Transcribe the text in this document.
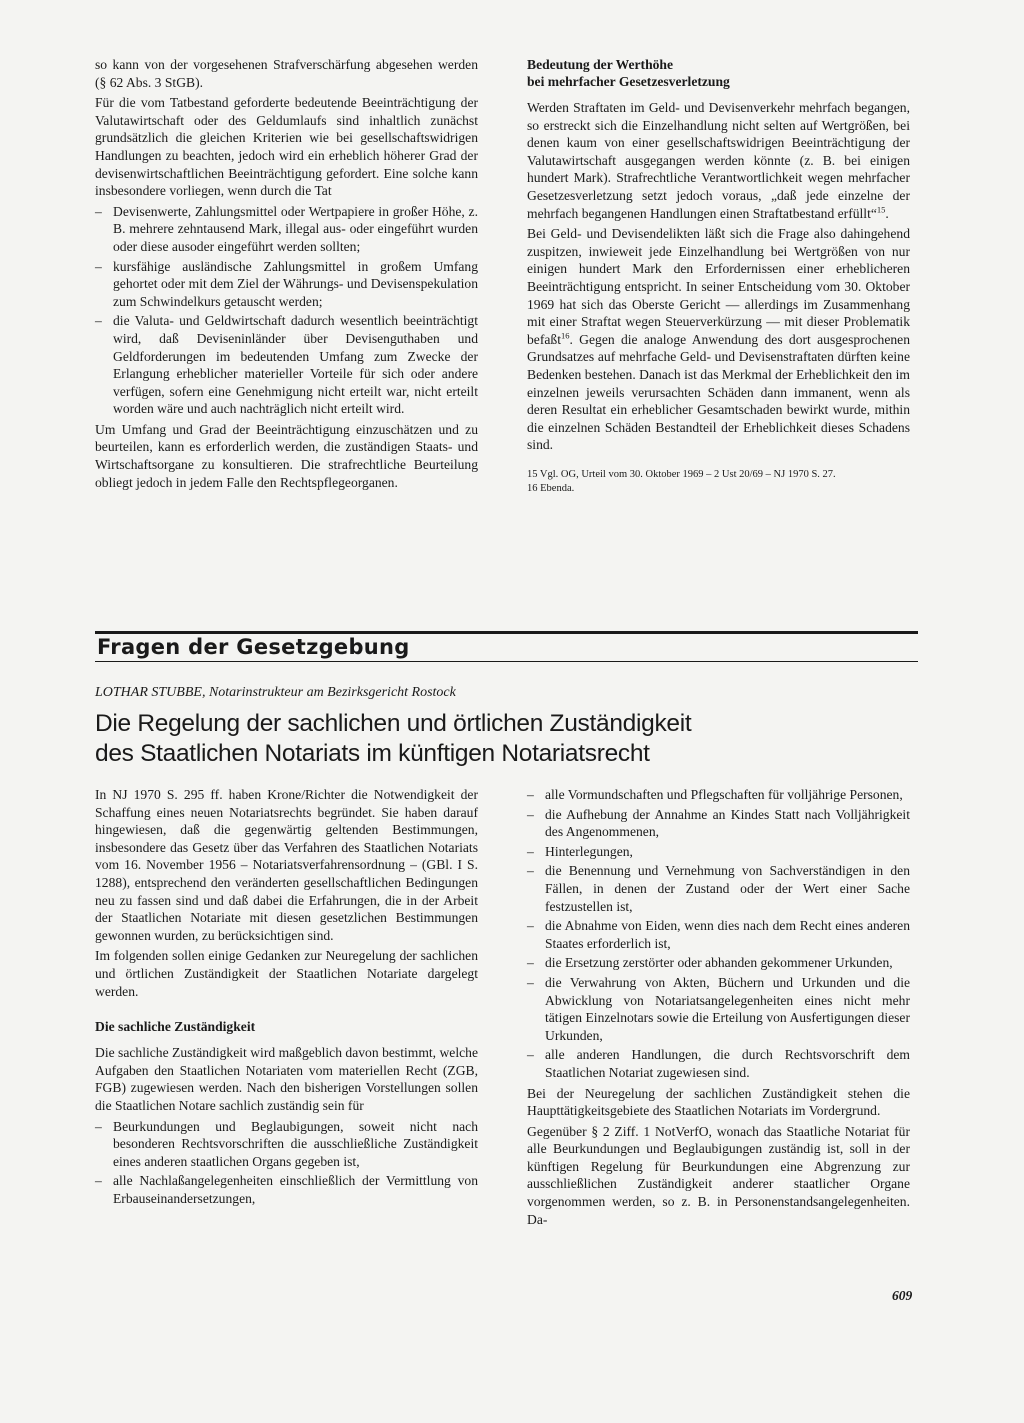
so kann von der vorgesehenen Strafverschärfung abgesehen werden (§ 62 Abs. 3 StGB).

Für die vom Tatbestand geforderte bedeutende Beeinträchtigung der Valutawirtschaft oder des Geldumlaufs sind inhaltlich zunächst grundsätzlich die gleichen Kriterien wie bei gesellschaftswidrigen Handlungen zu beachten, jedoch wird ein erheblich höherer Grad der devisenwirtschaftlichen Beeinträchtigung gefordert. Eine solche kann insbesondere vorliegen, wenn durch die Tat

– Devisenwerte, Zahlungsmittel oder Wertpapiere in großer Höhe, z. B. mehrere zehntausend Mark, illegal aus- oder eingeführt wurden oder diese ausoder eingeführt werden sollten;
– kursfähige ausländische Zahlungsmittel in großem Umfang gehortet oder mit dem Ziel der Währungs- und Devisenspekulation zum Schwindelkurs getauscht werden;
– die Valuta- und Geldwirtschaft dadurch wesentlich beeinträchtigt wird, daß Deviseninländer über Devisenguthaben und Geldforderungen im bedeutenden Umfang zum Zwecke der Erlangung erheblicher materieller Vorteile für sich oder andere verfügen, sofern eine Genehmigung nicht erteilt war, nicht erteilt worden wäre und auch nachträglich nicht erteilt wird.

Um Umfang und Grad der Beeinträchtigung einzuschätzen und zu beurteilen, kann es erforderlich werden, die zuständigen Staats- und Wirtschaftsorgane zu konsultieren. Die strafrechtliche Beurteilung obliegt jedoch in jedem Falle den Rechtspflegeorganen.

Bedeutung der Werthöhe
bei mehrfacher Gesetzesverletzung

Werden Straftaten im Geld- und Devisenverkehr mehrfach begangen, so erstreckt sich die Einzelhandlung nicht selten auf Wertgrößen, bei denen kaum von einer gesellschaftswidrigen Beeinträchtigung der Valutawirtschaft ausgegangen werden könnte (z. B. bei einigen hundert Mark). Strafrechtliche Verantwortlichkeit wegen mehrfacher Gesetzesverletzung setzt jedoch voraus, „daß jede einzelne der mehrfach begangenen Handlungen einen Straftatbestand erfüllt“$^{15}$.

Bei Geld- und Devisendelikten läßt sich die Frage also dahingehend zuspitzen, inwieweit jede Einzelhandlung bei Wertgrößen von nur einigen hundert Mark den Erfordernissen einer erheblicheren Beeinträchtigung entspricht. In seiner Entscheidung vom 30. Oktober 1969 hat sich das Oberste Gericht — allerdings im Zusammenhang mit einer Straftat wegen Steuerverkürzung — mit dieser Problematik befaßt$^{16}$. Gegen die analoge Anwendung des dort ausgesprochenen Grundsatzes auf mehrfache Geld- und Devisenstraftaten dürften keine Bedenken bestehen. Danach ist das Merkmal der Erheblichkeit den im einzelnen jeweils verursachten Schäden dann immanent, wenn als deren Resultat ein erheblicher Gesamtschaden bewirkt wurde, mithin die einzelnen Schäden Bestandteil der Erheblichkeit dieses Schadens sind.

15 Vgl. OG, Urteil vom 30. Oktober 1969 – 2 Ust 20/69 – NJ 1970 S. 27.
16 Ebenda.
Fragen der Gesetzgebung
LOTHAR STUBBE, Notarinstrukteur am Bezirksgericht Rostock
Die Regelung der sachlichen und örtlichen Zuständigkeit
des Staatlichen Notariats im künftigen Notariatsrecht

In NJ 1970 S. 295 ff. haben Krone/Richter die Notwendigkeit der Schaffung eines neuen Notariatsrechts begründet. Sie haben darauf hingewiesen, daß die gegenwärtig geltenden Bestimmungen, insbesondere das Gesetz über das Verfahren des Staatlichen Notariats vom 16. November 1956 – Notariatsverfahrensordnung – (GBl. I S. 1288), entsprechend den veränderten gesellschaftlichen Bedingungen neu zu fassen sind und daß dabei die Erfahrungen, die in der Arbeit der Staatlichen Notariate mit diesen gesetzlichen Bestimmungen gewonnen wurden, zu berücksichtigen sind.

Im folgenden sollen einige Gedanken zur Neuregelung der sachlichen und örtlichen Zuständigkeit der Staatlichen Notariate dargelegt werden.

Die sachliche Zuständigkeit

Die sachliche Zuständigkeit wird maßgeblich davon bestimmt, welche Aufgaben den Staatlichen Notariaten vom materiellen Recht (ZGB, FGB) zugewiesen werden. Nach den bisherigen Vorstellungen sollen die Staatlichen Notare sachlich zuständig sein für

– Beurkundungen und Beglaubigungen, soweit nicht nach besonderen Rechtsvorschriften die ausschließliche Zuständigkeit eines anderen staatlichen Organs gegeben ist,
– alle Nachlaßangelegenheiten einschließlich der Vermittlung von Erbauseinandersetzungen,
– alle Vormundschaften und Pflegschaften für volljährige Personen,
– die Aufhebung der Annahme an Kindes Statt nach Volljährigkeit des Angenommenen,
– Hinterlegungen,
– die Benennung und Vernehmung von Sachverständigen in den Fällen, in denen der Zustand oder der Wert einer Sache festzustellen ist,
– die Abnahme von Eiden, wenn dies nach dem Recht eines anderen Staates erforderlich ist,
– die Ersetzung zerstörter oder abhanden gekommener Urkunden,
– die Verwahrung von Akten, Büchern und Urkunden und die Abwicklung von Notariatsangelegenheiten eines nicht mehr tätigen Einzelnotars sowie die Erteilung von Ausfertigungen dieser Urkunden,
– alle anderen Handlungen, die durch Rechtsvorschrift dem Staatlichen Notariat zugewiesen sind.

Bei der Neuregelung der sachlichen Zuständigkeit stehen die Haupttätigkeitsgebiete des Staatlichen Notariats im Vordergrund.

Gegenüber § 2 Ziff. 1 NotVerfO, wonach das Staatliche Notariat für alle Beurkundungen und Beglaubigungen zuständig ist, soll in der künftigen Regelung für Beurkundungen eine Abgrenzung zur ausschließlichen Zuständigkeit anderer staatlicher Organe vorgenommen werden, so z. B. in Personenstandsangelegenheiten. Da-

609
